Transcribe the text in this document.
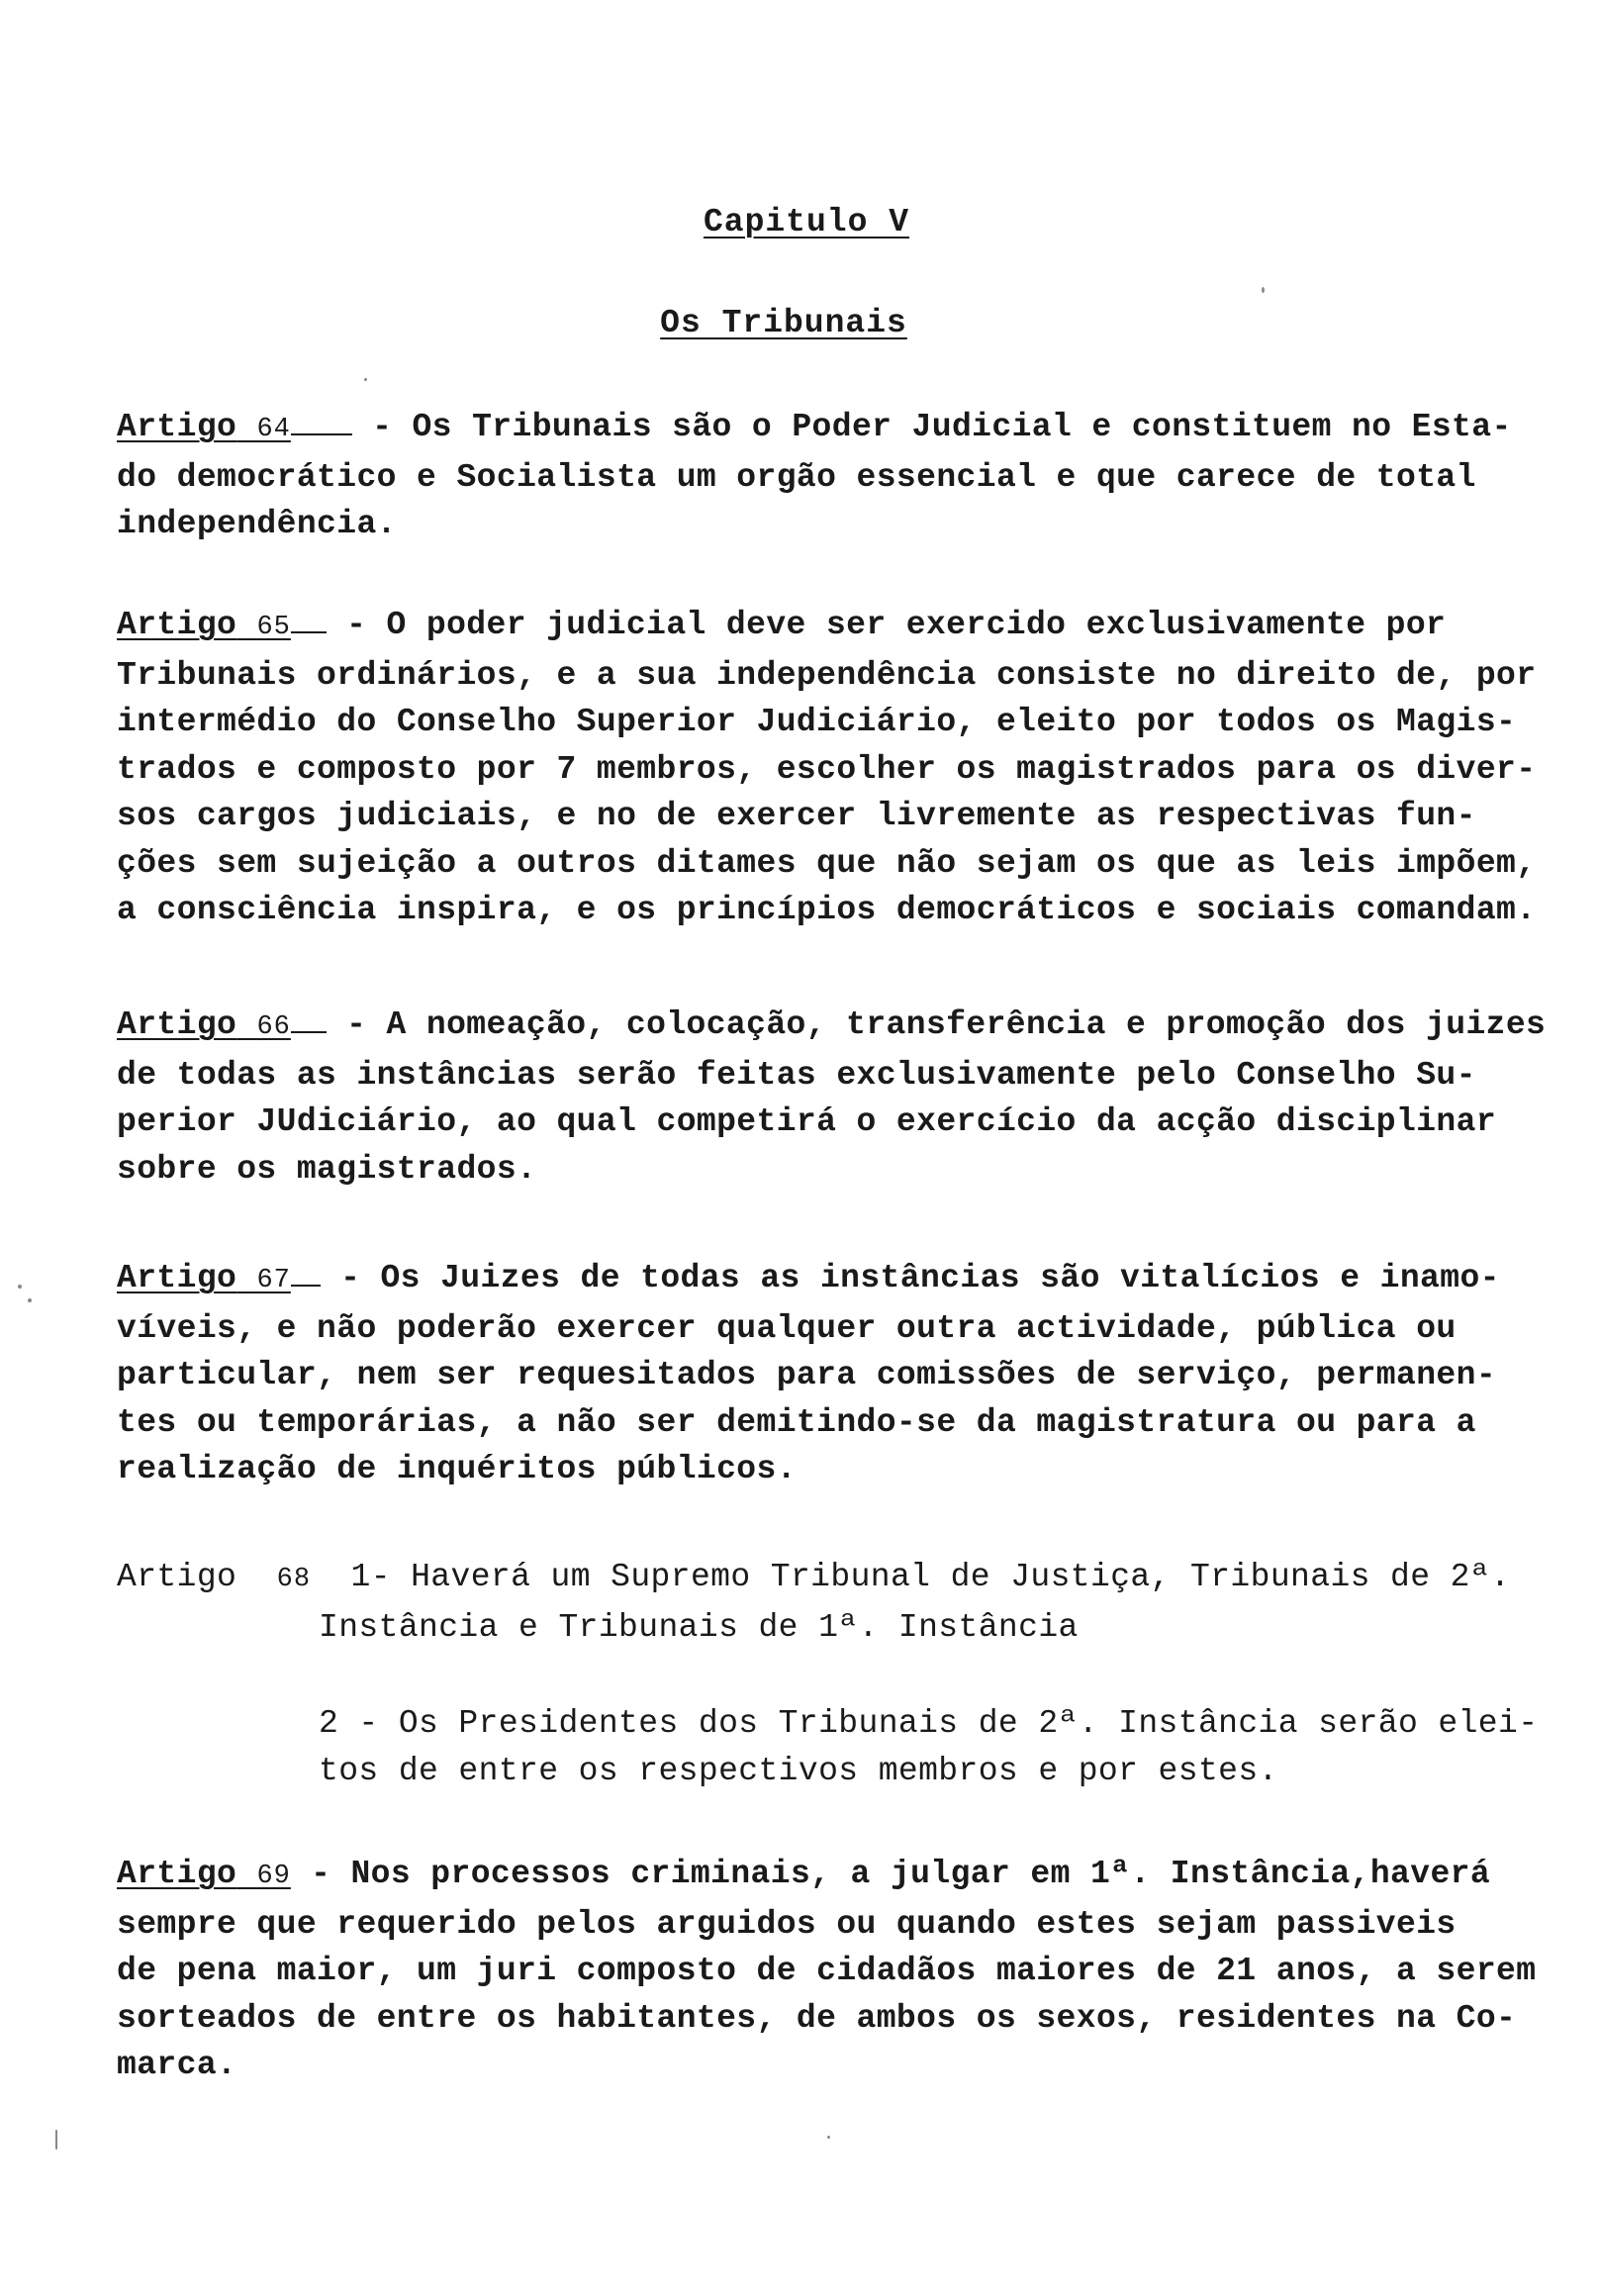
Capitulo V
Os Tribunais
Artigo 64 - Os Tribunais são o Poder Judicial e constituem no Esta-
do democrático e Socialista um orgão essencial e que carece de total
independência.
Artigo 65 - O poder judicial deve ser exercido exclusivamente por
Tribunais ordinários, e a sua independência consiste no direito de, por
intermédio do Conselho Superior Judiciário, eleito por todos os Magis-
trados e composto por 7 membros, escolher os magistrados para os diver-
sos cargos judiciais, e no de exercer livremente as respectivas fun-
ções sem sujeição a outros ditames que não sejam os que as leis impõem,
a consciência inspira, e os princípios democráticos e sociais comandam.
Artigo 66 - A nomeação, colocação, transferência e promoção dos juizes
de todas as instâncias serão feitas exclusivamente pelo Conselho Su-
perior JUdiciário, ao qual competirá o exercício da acção disciplinar
sobre os magistrados.
Artigo 67 - Os Juizes de todas as instâncias são vitalícios e inamo-
víveis, e não poderão exercer qualquer outra actividade, pública ou
particular, nem ser requesitados para comissões de serviço, permanen-
tes ou temporárias, a não ser demitindo-se da magistratura ou para a
realização de inquéritos públicos.
Artigo 68 1- Haverá um Supremo Tribunal de Justiça, Tribunais de 2ª.
Instância e Tribunais de 1ª. Instância
2 - Os Presidentes dos Tribunais de 2ª. Instância serão elei-
tos de entre os respectivos membros e por estes.
Artigo 69 - Nos processos criminais, a julgar em 1ª. Instância,haverá
sempre que requerido pelos arguidos ou quando estes sejam passiveis
de pena maior, um juri composto de cidadãos maiores de 21 anos, a serem
sorteados de entre os habitantes, de ambos os sexos, residentes na Co-
marca.
